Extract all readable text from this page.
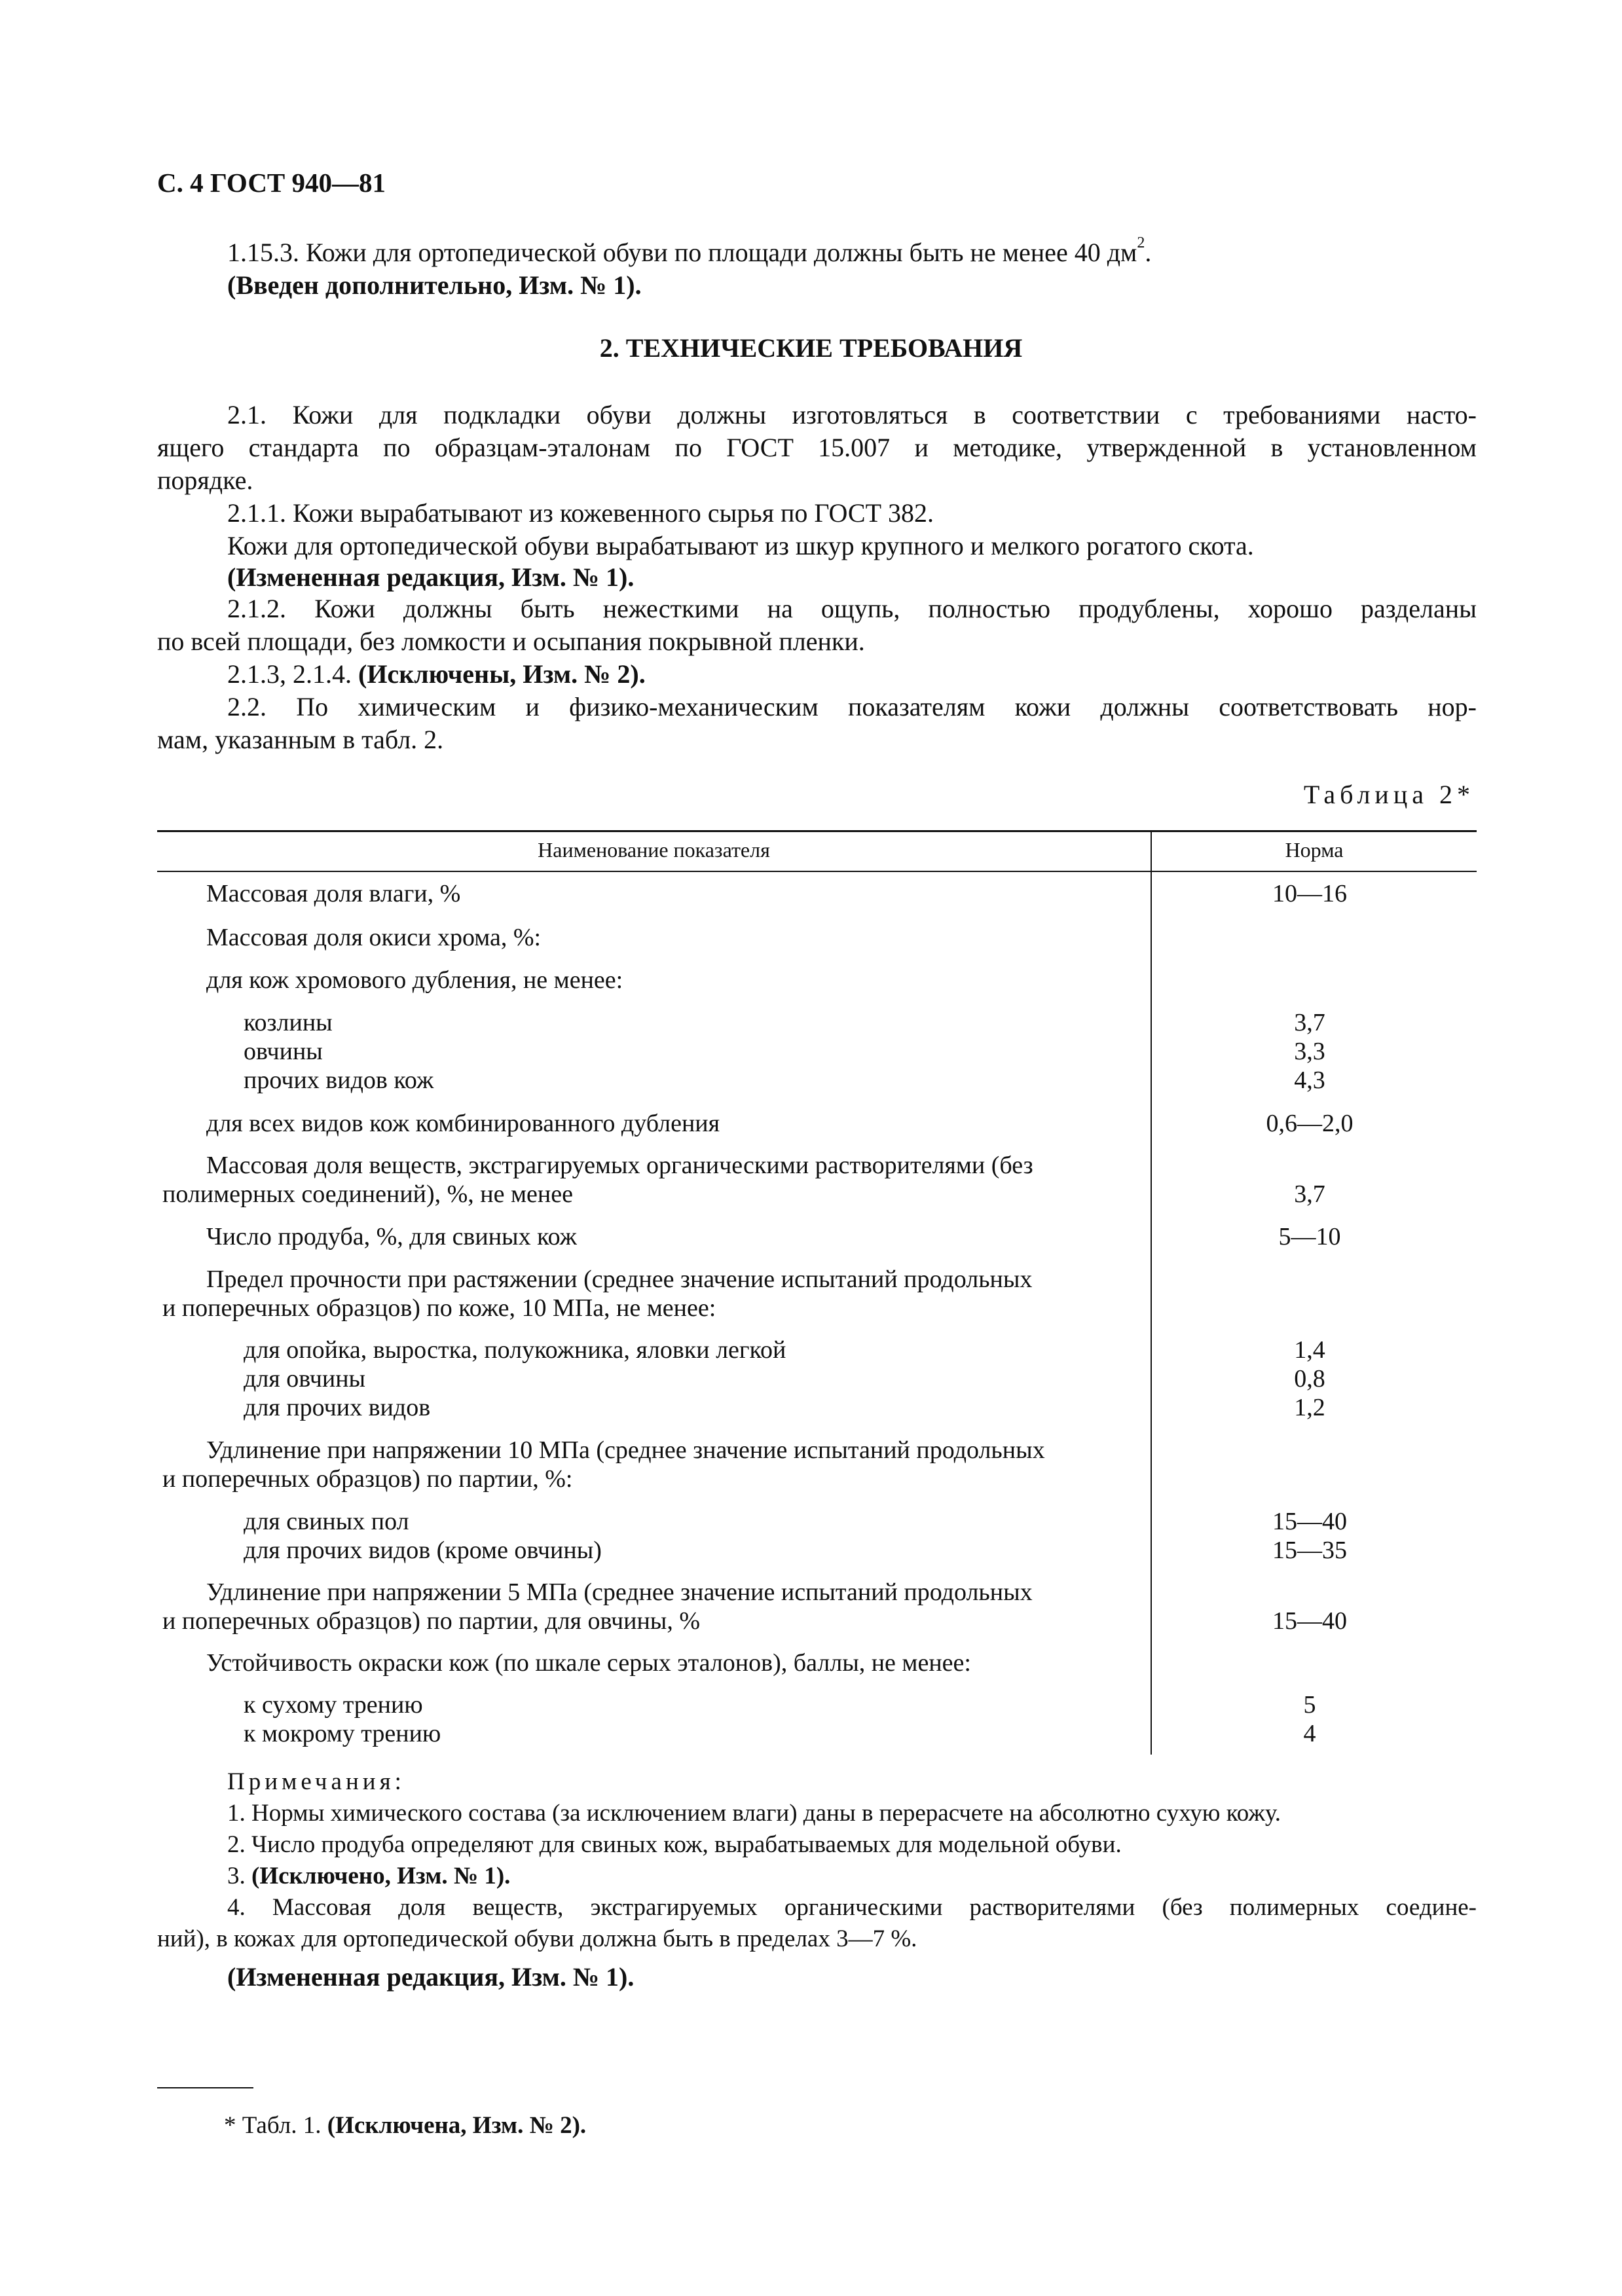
С. 4 ГОСТ 940—81
1.15.3. Кожи для ортопедической обуви по площади должны быть не менее 40 $дм^2$.
(Введен дополнительно, Изм. № 1).
2. ТЕХНИЧЕСКИЕ ТРЕБОВАНИЯ
2.1. Кожи для подкладки обуви должны изготовляться в соответствии с требованиями насто-
ящего стандарта по образцам-эталонам по ГОСТ 15.007 и методике, утвержденной в установленном
порядке.
2.1.1. Кожи вырабатывают из кожевенного сырья по ГОСТ 382.
Кожи для ортопедической обуви вырабатывают из шкур крупного и мелкого рогатого скота.
(Измененная редакция, Изм. № 1).
2.1.2. Кожи должны быть нежесткими на ощупь, полностью продублены, хорошо разделаны
по всей площади, без ломкости и осыпания покрывной пленки.
2.1.3, 2.1.4. (Исключены, Изм. № 2).
2.2. По химическим и физико-механическим показателям кожи должны соответствовать нор-
мам, указанным в табл. 2.
Таблица 2*
Наименование показателя	Норма
Массовая доля влаги, %	10—16
Массовая доля окиси хрома, %:
для кож хромового дубления, не менее:
козлины	3,7
овчины	3,3
прочих видов кож	4,3
для всех видов кож комбинированного дубления	0,6—2,0
Массовая доля веществ, экстрагируемых органическими растворителями (без
полимерных соединений), %, не менее	3,7
Число продуба, %, для свиных кож	5—10
Предел прочности при растяжении (среднее значение испытаний продольных
и поперечных образцов) по коже, 10 МПа, не менее:
для опойка, выростка, полукожника, яловки легкой	1,4
для овчины	0,8
для прочих видов	1,2
Удлинение при напряжении 10 МПа (среднее значение испытаний продольных
и поперечных образцов) по партии, %:
для свиных пол	15—40
для прочих видов (кроме овчины)	15—35
Удлинение при напряжении 5 МПа (среднее значение испытаний продольных
и поперечных образцов) по партии, для овчины, %	15—40
Устойчивость окраски кож (по шкале серых эталонов), баллы, не менее:
к сухому трению	5
к мокрому трению	4
Примечания:
1. Нормы химического состава (за исключением влаги) даны в перерасчете на абсолютно сухую кожу.
2. Число продуба определяют для свиных кож, вырабатываемых для модельной обуви.
3. (Исключено, Изм. № 1).
4. Массовая доля веществ, экстрагируемых органическими растворителями (без полимерных соедине-
ний), в кожах для ортопедической обуви должна быть в пределах 3—7 %.
(Измененная редакция, Изм. № 1).
* Табл. 1. (Исключена, Изм. № 2).
